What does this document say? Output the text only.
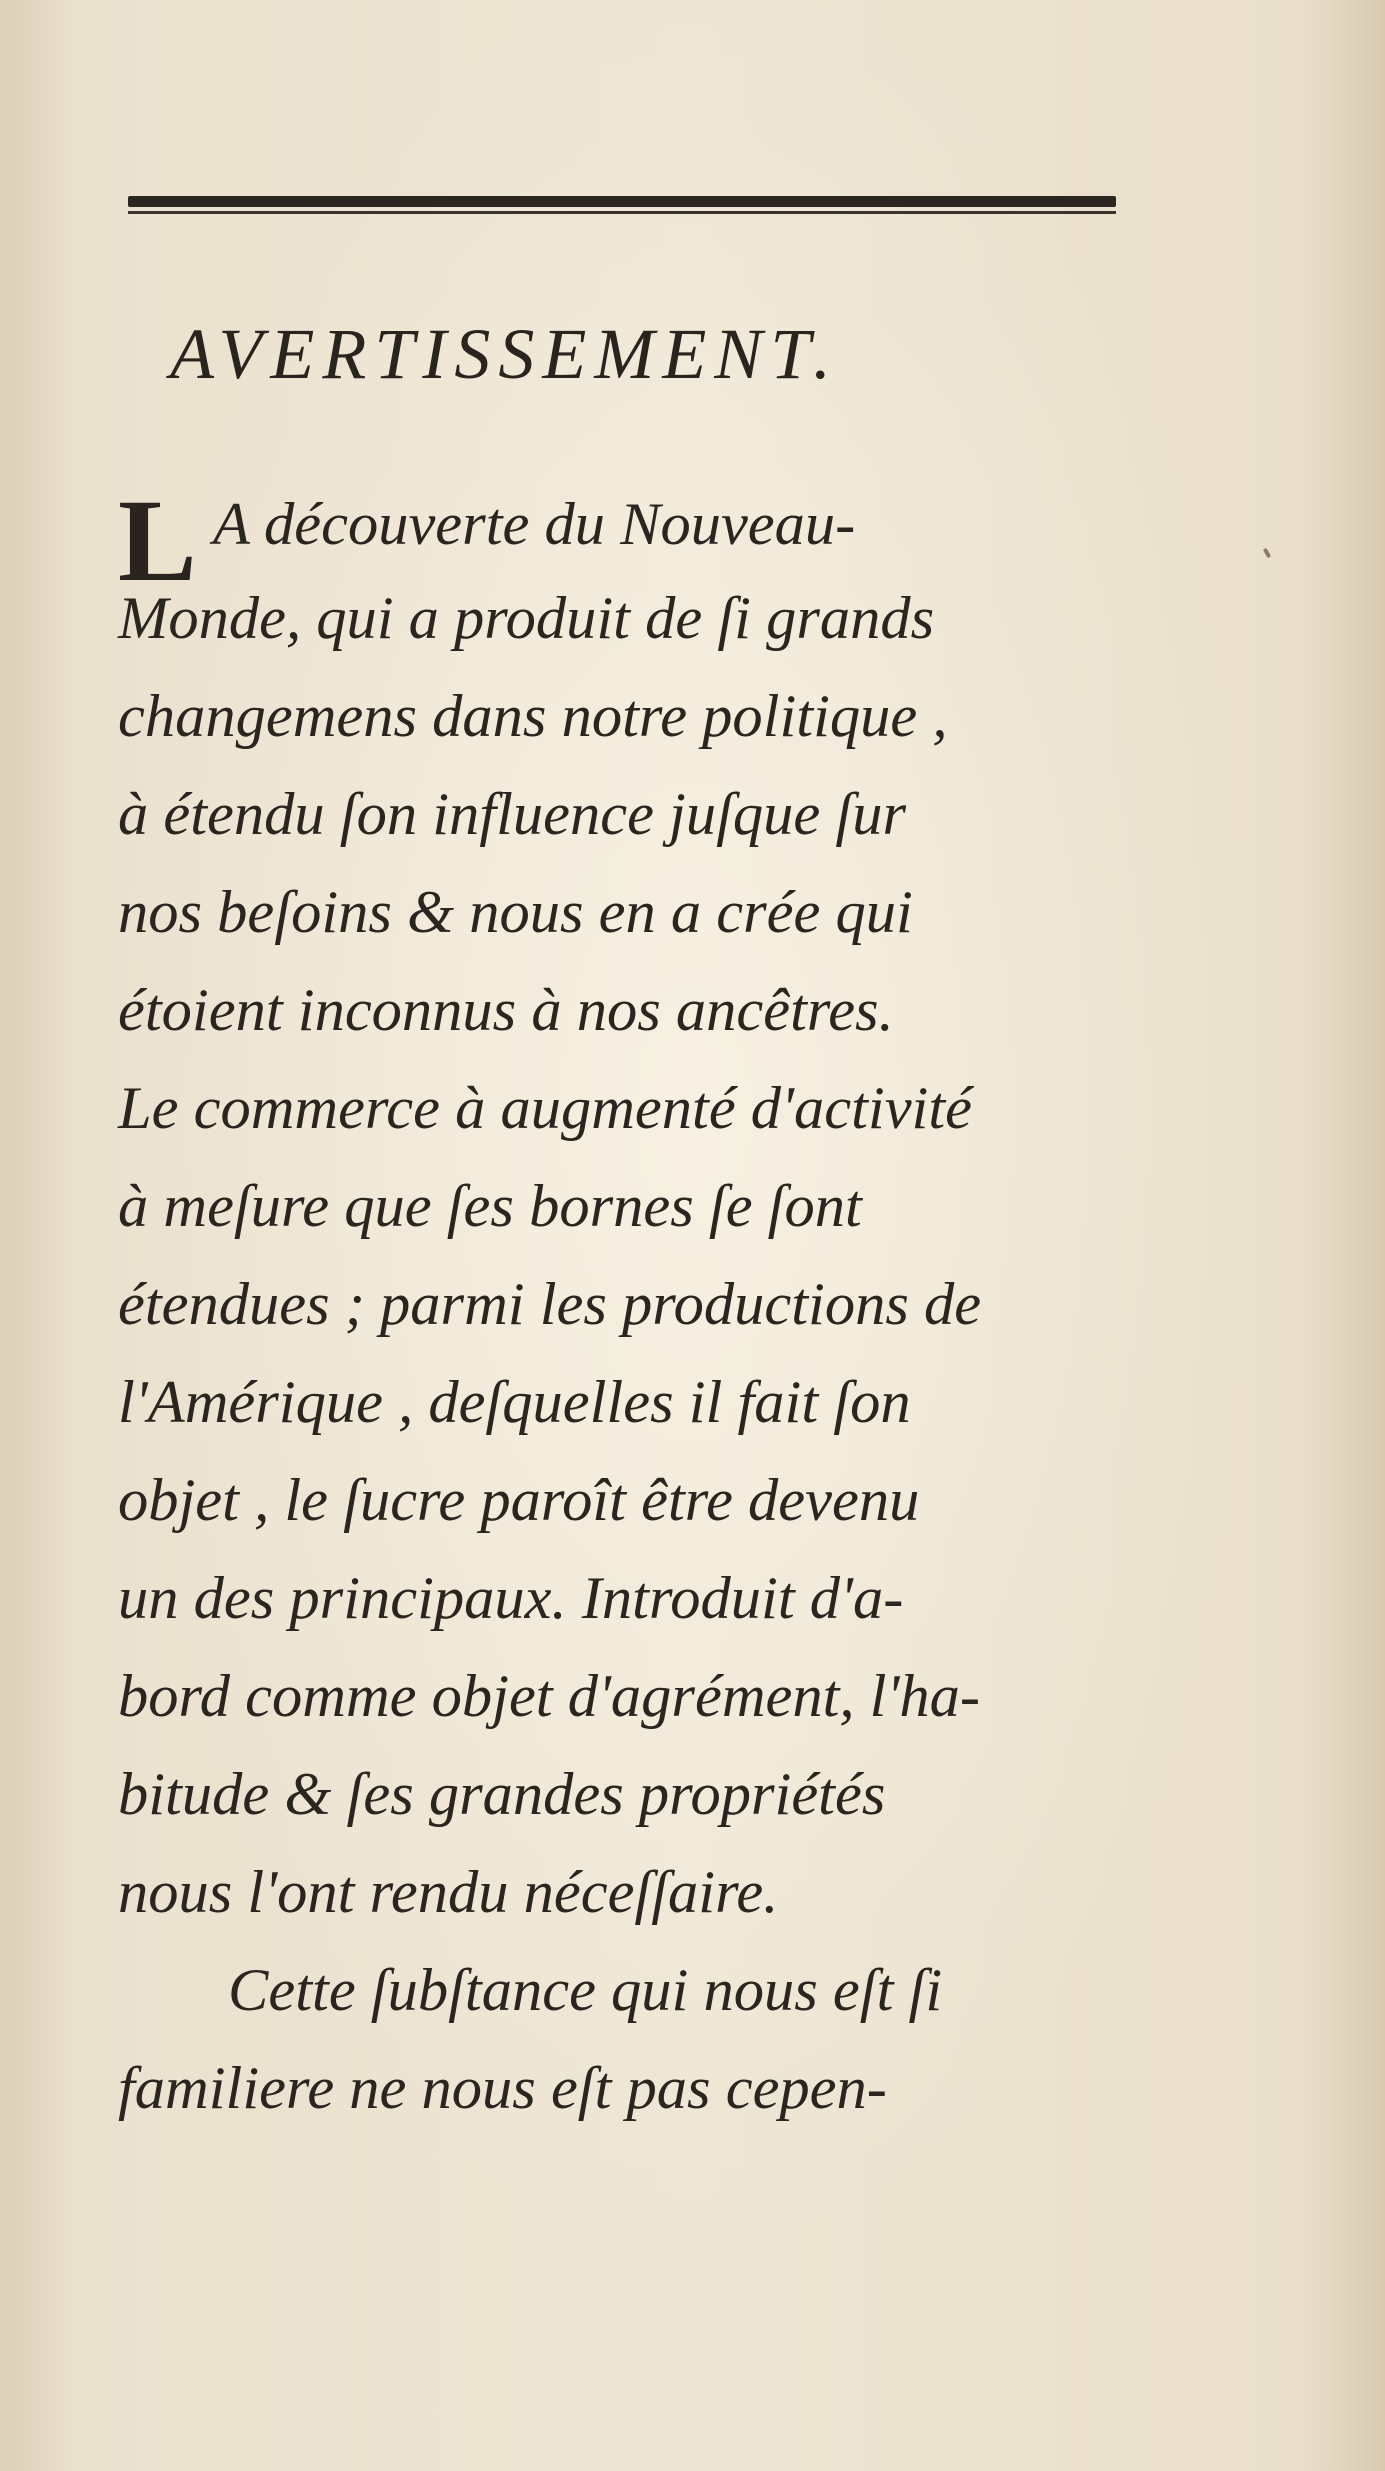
AVERTISSEMENT.
L A découverte du Nouveau-
Monde, qui a produit de ſi grands
changemens dans notre politique ,
à étendu ſon influence juſque ſur
nos beſoins & nous en a crée qui
étoient inconnus à nos ancêtres.
Le commerce à augmenté d'activité
à meſure que ſes bornes ſe ſont
étendues ; parmi les productions de
l'Amérique , deſquelles il fait ſon
objet , le ſucre paroît être devenu
un des principaux. Introduit d'a-
bord comme objet d'agrément, l'ha-
bitude & ſes grandes propriétés
nous l'ont rendu néceſſaire.
Cette ſubſtance qui nous eſt ſi
familiere ne nous eſt pas cepen-
